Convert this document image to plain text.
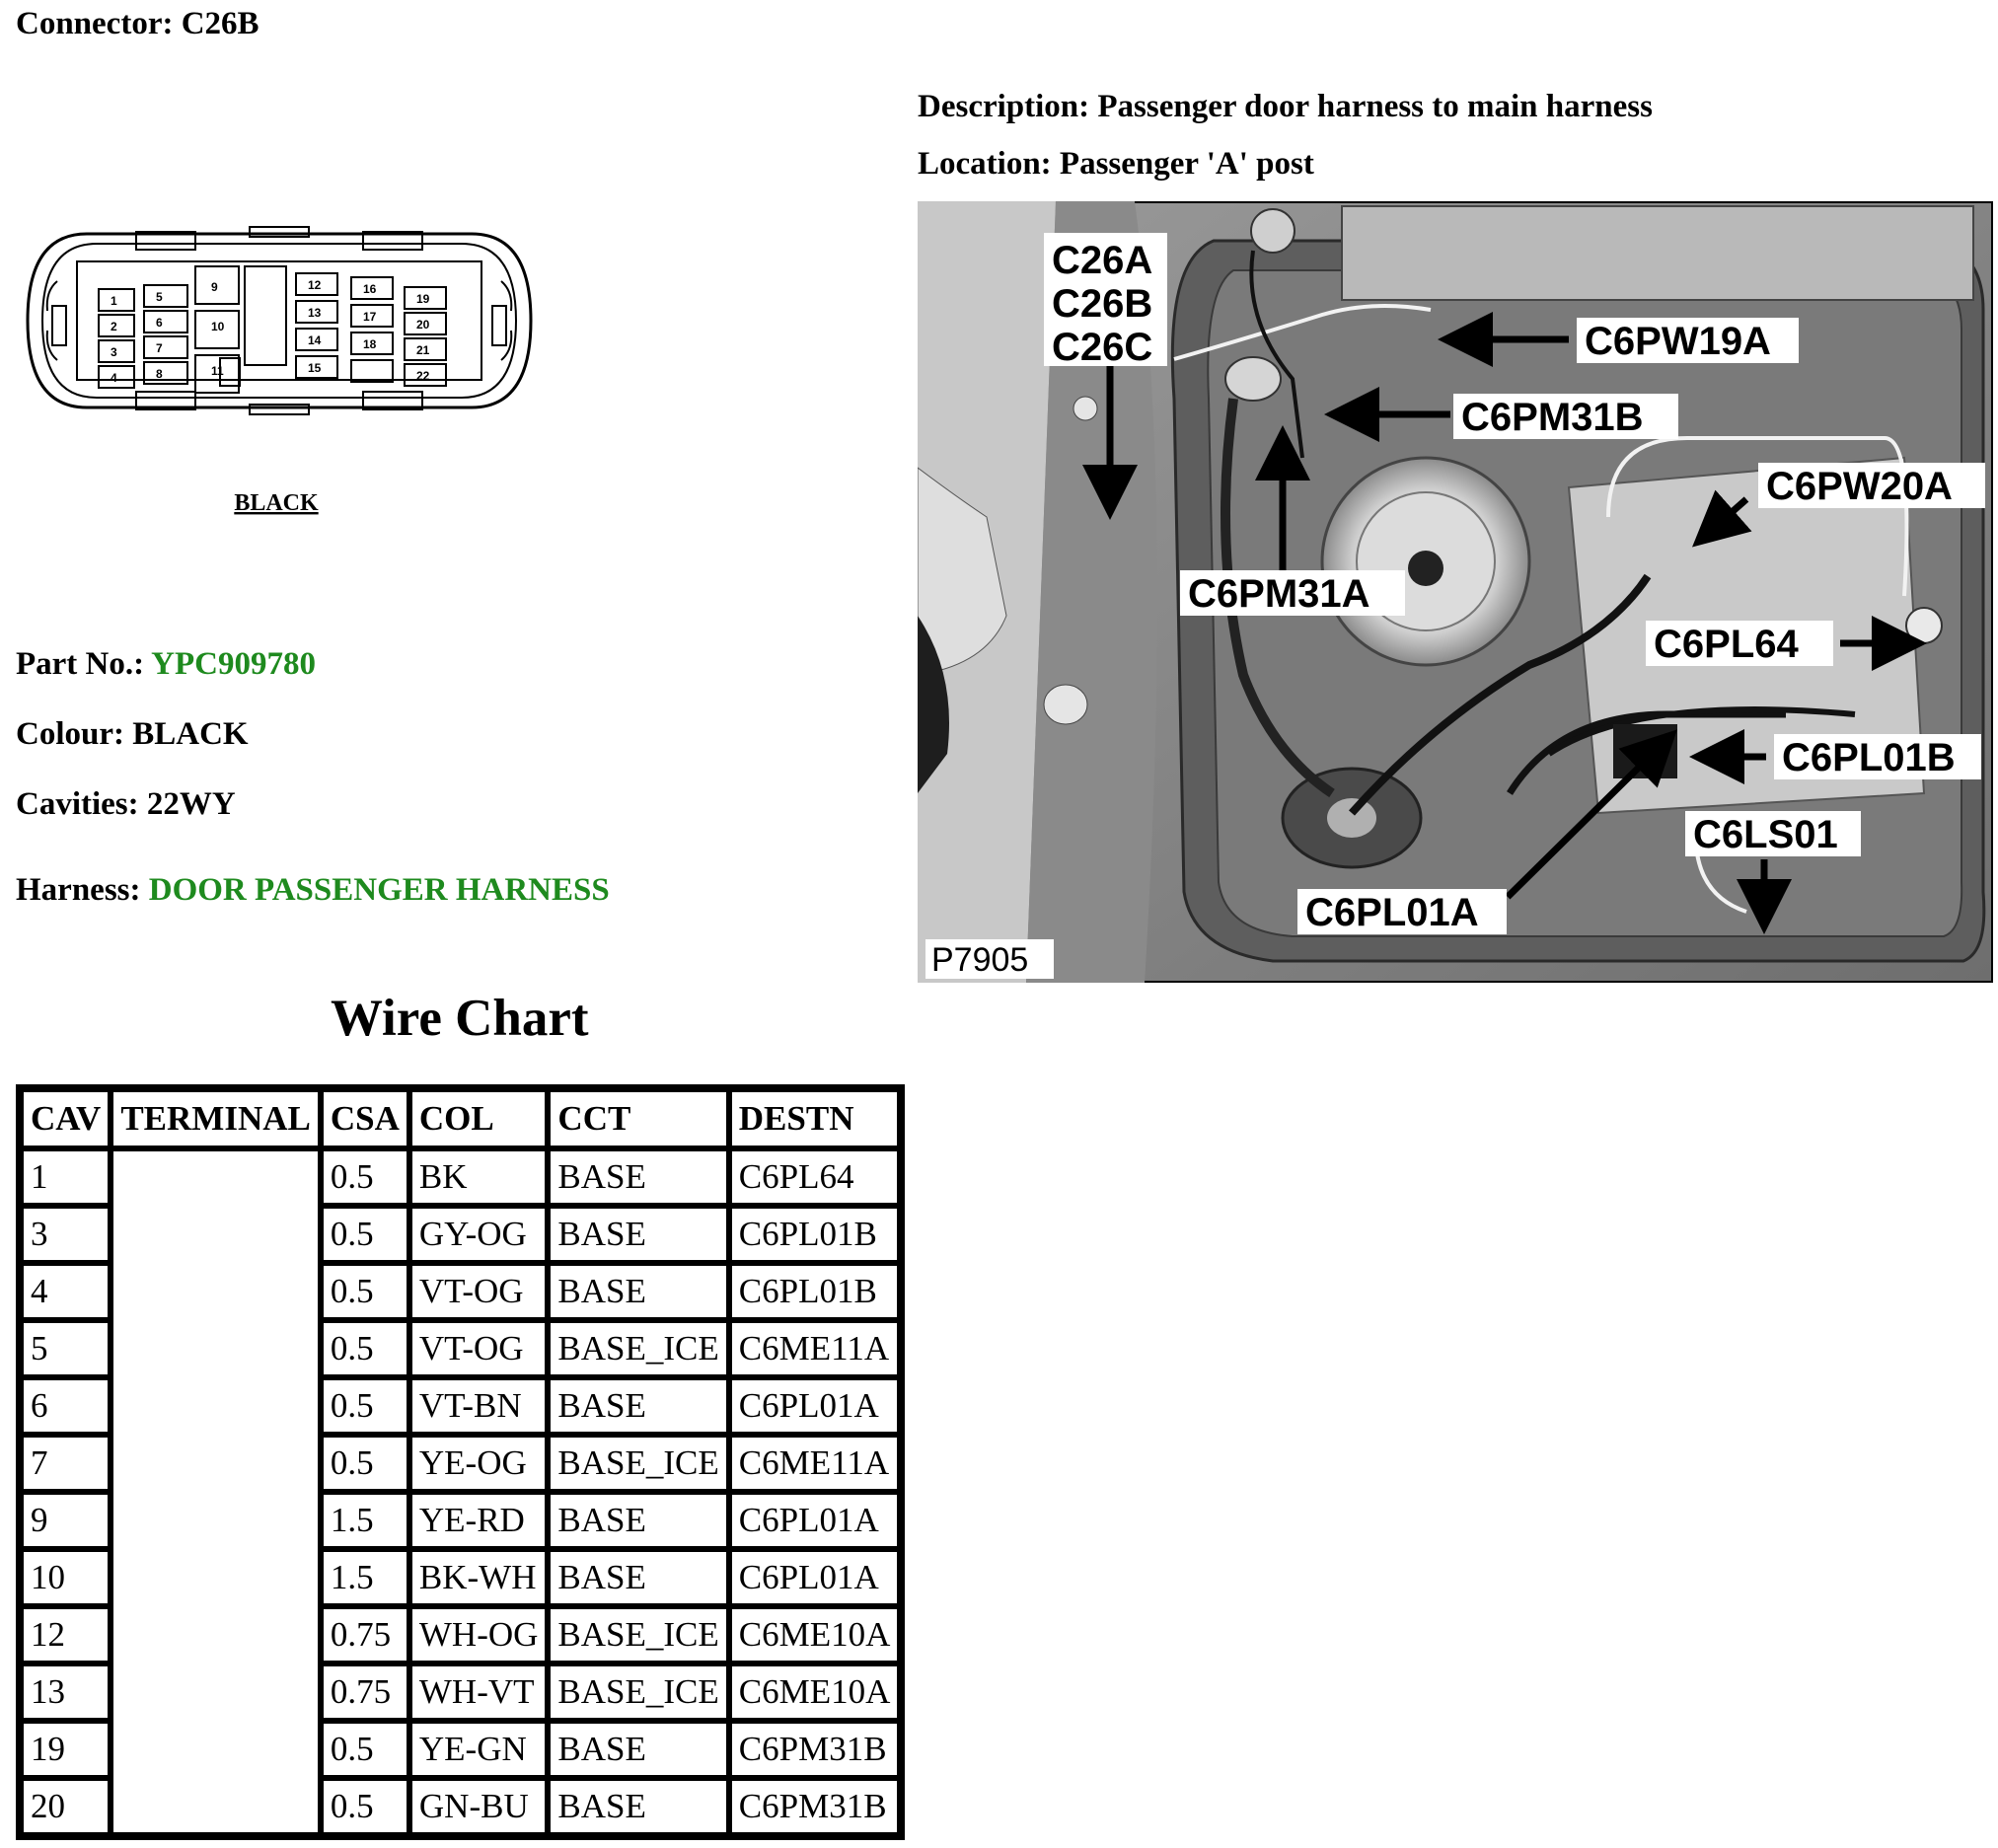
Connector: C26B
Description: Passenger door harness to main harness
Location: Passenger 'A' post
1
2
3
4
5
6
7
8
9
10
11
12
13
14
15
16
17
18
19
20
21
22
BLACK
C26A
C26B
C26C	C6PW19A
C6PM31B
C6PW20A
C6PM31A
C6PL64
C6PL01B
C6LS01
C6PL01A
P7905
Part No.: YPC909780
Colour: BLACK
Cavities: 22WY
Harness: DOOR PASSENGER HARNESS
Wire Chart
CAV	TERMINAL	CSA	COL	CCT	DESTN
1		0.5	BK	BASE	C6PL64
3		0.5	GY-OG	BASE	C6PL01B
4		0.5	VT-OG	BASE	C6PL01B
5		0.5	VT-OG	BASE_ICE	C6ME11A
6		0.5	VT-BN	BASE	C6PL01A
7		0.5	YE-OG	BASE_ICE	C6ME11A
9		1.5	YE-RD	BASE	C6PL01A
10		1.5	BK-WH	BASE	C6PL01A
12		0.75	WH-OG	BASE_ICE	C6ME10A
13		0.75	WH-VT	BASE_ICE	C6ME10A
19		0.5	YE-GN	BASE	C6PM31B
20		0.5	GN-BU	BASE	C6PM31B
